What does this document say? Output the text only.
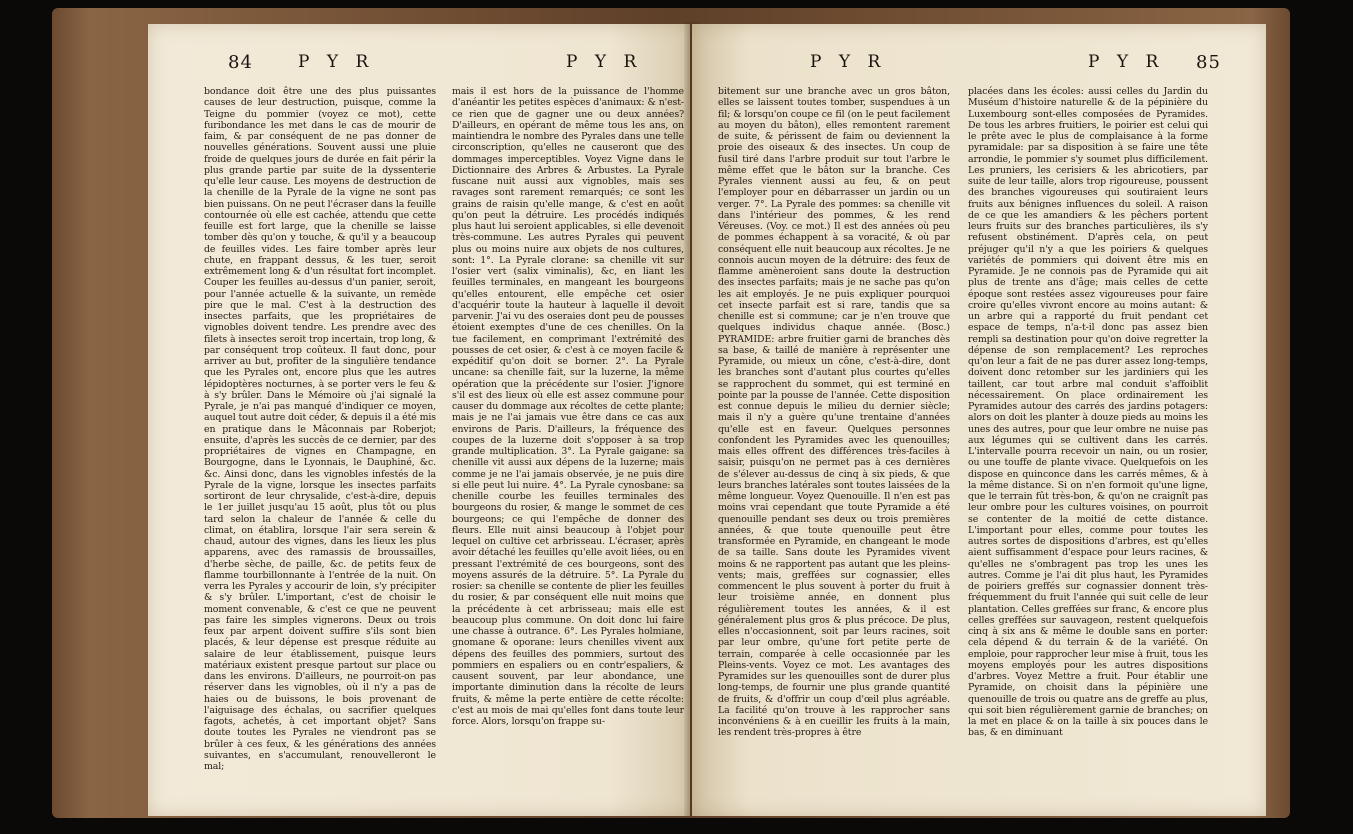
84	P Y R	P Y R
bondance doit être une des plus puissantes causes de leur destruction, puisque, comme la Teigne du pommier (voyez ce mot), cette furibondance les met dans le cas de mourir de faim, & par conséquent de ne pas donner de nouvelles générations. Souvent aussi une pluie froide de quelques jours de durée en fait périr la plus grande partie par suite de la dyssenterie qu'elle leur cause. Les moyens de destruction de la chenille de la Pyrale de la vigne ne sont pas bien puissans. On ne peut l'écraser dans la feuille contournée où elle est cachée, attendu que cette feuille est fort large, que la chenille se laisse tomber dès qu'on y touche, & qu'il y a beaucoup de feuilles vides. Les faire tomber après leur chute, en frappant dessus, & les tuer, seroit extrêmement long & d'un résultat fort incomplet. Couper les feuilles au-dessus d'un panier, seroit, pour l'année actuelle & la suivante, un remède pire que le mal. C'est à la destruction des insectes parfaits, que les propriétaires de vignobles doivent tendre. Les prendre avec des filets à insectes seroit trop incertain, trop long, & par conséquent trop coûteux. Il faut donc, pour arriver au but, profiter de la singulière tendance que les Pyrales ont, encore plus que les autres lépidoptères nocturnes, à se porter vers le feu & à s'y brûler. Dans le Mémoire où j'ai signalé la Pyrale, je n'ai pas manqué d'indiquer ce moyen, auquel tout autre doit céder, & depuis il a été mis en pratique dans le Mâconnais par Roberjot; ensuite, d'après les succès de ce dernier, par des propriétaires de vignes en Champagne, en Bourgogne, dans le Lyonnais, le Dauphiné, &c. &c. Ainsi donc, dans les vignobles infestés de la Pyrale de la vigne, lorsque les insectes parfaits sortiront de leur chrysalide, c'est-à-dire, depuis le 1er juillet jusqu'au 15 août, plus tôt ou plus tard selon la chaleur de l'année & celle du climat, on établira, lorsque l'air sera serein & chaud, autour des vignes, dans les lieux les plus apparens, avec des ramassis de broussailles, d'herbe sèche, de paille, &c. de petits feux de flamme tourbillonnante à l'entrée de la nuit. On verra les Pyrales y accourir de loin, s'y précipiter & s'y brûler. L'important, c'est de choisir le moment convenable, & c'est ce que ne peuvent pas faire les simples vignerons. Deux ou trois feux par arpent doivent suffire s'ils sont bien placés, & leur dépense est presque réduite au salaire de leur établissement, puisque leurs matériaux existent presque partout sur place ou dans les environs. D'ailleurs, ne pourroit-on pas réserver dans les vignobles, où il n'y a pas de haies ou de buissons, le bois provenant de l'aiguisage des échalas, ou sacrifier quelques fagots, achetés, à cet important objet? Sans doute toutes les Pyrales ne viendront pas se brûler à ces feux, & les générations des années suivantes, en s'accumulant, renouvelleront le mal;
mais il est hors de la puissance de l'homme d'anéantir les petites espèces d'animaux: & n'est-ce rien que de gagner une ou deux années? D'ailleurs, en opérant de même tous les ans, on maintiendra le nombre des Pyrales dans une telle circonscription, qu'elles ne causeront que des dommages imperceptibles. Voyez Vigne dans le Dictionnaire des Arbres & Arbustes. La Pyrale fuscane nuit aussi aux vignobles, mais ses ravages sont rarement remarqués; ce sont les grains de raisin qu'elle mange, & c'est en août qu'on peut la détruire. Les procédés indiqués plus haut lui seroient applicables, si elle devenoit très-commune. Les autres Pyrales qui peuvent plus ou moins nuire aux objets de nos cultures, sont: 1°. La Pyrale clorane: sa chenille vit sur l'osier vert (salix viminalis), &c, en liant les feuilles terminales, en mangeant les bourgeons qu'elles entourent, elle empêche cet osier d'acquérir toute la hauteur à laquelle il devoit parvenir. J'ai vu des oseraies dont peu de pousses étoient exemptes d'une de ces chenilles. On la tue facilement, en comprimant l'extrémité des pousses de cet osier, & c'est à ce moyen facile & expéditif qu'on doit se borner. 2°. La Pyrale uncane: sa chenille fait, sur la luzerne, la même opération que la précédente sur l'osier. J'ignore s'il est des lieux où elle est assez commune pour causer du dommage aux récoltes de cette plante; mais je ne l'ai jamais vue être dans ce cas aux environs de Paris. D'ailleurs, la fréquence des coupes de la luzerne doit s'opposer à sa trop grande multiplication. 3°. La Pyrale gaigane: sa chenille vit aussi aux dépens de la luzerne; mais comme je ne l'ai jamais observée, je ne puis dire si elle peut lui nuire. 4°. La Pyrale cynosbane: sa chenille courbe les feuilles terminales des bourgeons du rosier, & mange le sommet de ces bourgeons; ce qui l'empêche de donner des fleurs. Elle nuit ainsi beaucoup à l'objet pour lequel on cultive cet arbrisseau. L'écraser, après avoir détaché les feuilles qu'elle avoit liées, ou en pressant l'extrémité de ces bourgeons, sont des moyens assurés de la détruire. 5°. La Pyrale du rosier: sa chenille se contente de plier les feuilles du rosier, & par conséquent elle nuit moins que la précédente à cet arbrisseau; mais elle est beaucoup plus commune. On doit donc lui faire une chasse à outrance. 6°. Les Pyrales holmiane, gnomane & oporane: leurs chenilles vivent aux dépens des feuilles des pommiers, surtout des pommiers en espaliers ou en contr'espaliers, & causent souvent, par leur abondance, une importante diminution dans la récolte de leurs fruits, & même la perte entière de cette récolte: c'est au mois de mai qu'elles font dans toute leur force. Alors, lorsqu'on frappe su-
P Y R	P Y R 85
bitement sur une branche avec un gros bâton, elles se laissent toutes tomber, suspendues à un fil; & lorsqu'on coupe ce fil (on le peut facilement au moyen du bâton), elles remontent rarement de suite, & périssent de faim ou deviennent la proie des oiseaux & des insectes. Un coup de fusil tiré dans l'arbre produit sur tout l'arbre le même effet que le bâton sur la branche. Ces Pyrales viennent aussi au feu, & on peut l'employer pour en débarrasser un jardin ou un verger. 7°. La Pyrale des pommes: sa chenille vit dans l'intérieur des pommes, & les rend Véreuses. (Voy. ce mot.) Il est des années où peu de pommes échappent à sa voracité, & où par conséquent elle nuit beaucoup aux récoltes. Je ne connois aucun moyen de la détruire: des feux de flamme amèneroient sans doute la destruction des insectes parfaits; mais je ne sache pas qu'on les ait employés. Je ne puis expliquer pourquoi cet insecte parfait est si rare, tandis que sa chenille est si commune; car je n'en trouve que quelques individus chaque année. (Bosc.) PYRAMIDE: arbre fruitier garni de branches dès sa base, & taillé de manière à représenter une Pyramide, ou mieux un cône, c'est-à-dire, dont les branches sont d'autant plus courtes qu'elles se rapprochent du sommet, qui est terminé en pointe par la pousse de l'année. Cette disposition est connue depuis le milieu du dernier siècle; mais il n'y a guère qu'une trentaine d'années qu'elle est en faveur. Quelques personnes confondent les Pyramides avec les quenouilles; mais elles offrent des différences très-faciles à saisir, puisqu'on ne permet pas à ces dernières de s'élever au-dessus de cinq à six pieds, & que leurs branches latérales sont toutes laissées de la même longueur. Voyez Quenouille. Il n'en est pas moins vrai cependant que toute Pyramide a été quenouille pendant ses deux ou trois premières années, & que toute quenouille peut être transformée en Pyramide, en changeant le mode de sa taille. Sans doute les Pyramides vivent moins & ne rapportent pas autant que les pleins-vents; mais, greffées sur cognassier, elles commencent le plus souvent à porter du fruit à leur troisième année, en donnent plus régulièrement toutes les années, & il est généralement plus gros & plus précoce. De plus, elles n'occasionnent, soit par leurs racines, soit par leur ombre, qu'une fort petite perte de terrain, comparée à celle occasionnée par les Pleins-vents. Voyez ce mot. Les avantages des Pyramides sur les quenouilles sont de durer plus long-temps, de fournir une plus grande quantité de fruits, & d'offrir un coup d'œil plus agréable. La facilité qu'on trouve à les rapprocher sans inconvéniens & à en cueillir les fruits à la main, les rendent très-propres à être
placées dans les écoles: aussi celles du Jardin du Muséum d'histoire naturelle & de la pépinière du Luxembourg sont-elles composées de Pyramides. De tous les arbres fruitiers, le poirier est celui qui le prête avec le plus de complaisance à la forme pyramidale: par sa disposition à se faire une tête arrondie, le pommier s'y soumet plus difficilement. Les pruniers, les cerisiers & les abricotiers, par suite de leur taille, alors trop rigoureuse, poussent des branches vigoureuses qui soutiraient leurs fruits aux bénignes influences du soleil. A raison de ce que les amandiers & les pêchers portent leurs fruits sur des branches particulières, ils s'y refusent obstinément. D'après cela, on peut préjuger qu'il n'y a que les poiriers & quelques variétés de pommiers qui doivent être mis en Pyramide. Je ne connois pas de Pyramide qui ait plus de trente ans d'âge; mais celles de cette époque sont restées assez vigoureuses pour faire croire qu'elles vivront encore au moins autant: & un arbre qui a rapporté du fruit pendant cet espace de temps, n'a-t-il donc pas assez bien rempli sa destination pour qu'on doive regretter la dépense de son remplacement? Les reproches qu'on leur a fait de ne pas durer assez long-temps, doivent donc retomber sur les jardiniers qui les taillent, car tout arbre mal conduit s'affoiblit nécessairement. On place ordinairement les Pyramides autour des carrés des jardins potagers: alors on doit les planter à douze pieds au moins les unes des autres, pour que leur ombre ne nuise pas aux légumes qui se cultivent dans les carrés. L'intervalle pourra recevoir un nain, ou un rosier, ou une touffe de plante vivace. Quelquefois on les dispose en quinconce dans les carrés mêmes, & à la même distance. Si on n'en formoit qu'une ligne, que le terrain fût très-bon, & qu'on ne craignît pas leur ombre pour les cultures voisines, on pourroit se contenter de la moitié de cette distance. L'important pour elles, comme pour toutes les autres sortes de dispositions d'arbres, est qu'elles aient suffisamment d'espace pour leurs racines, & qu'elles ne s'ombragent pas trop les unes les autres. Comme je l'ai dit plus haut, les Pyramides de poiriers greffés sur cognassier donnent très-fréquemment du fruit l'année qui suit celle de leur plantation. Celles greffées sur franc, & encore plus celles greffées sur sauvageon, restent quelquefois cinq à six ans & même le double sans en porter: cela dépend & du terrain & de la variété. On emploie, pour rapprocher leur mise à fruit, tous les moyens employés pour les autres dispositions d'arbres. Voyez Mettre a fruit. Pour établir une Pyramide, on choisit dans la pépinière une quenouille de trois ou quatre ans de greffe au plus, qui soit bien régulièrement garnie de branches; on la met en place & on la taille à six pouces dans le bas, & en diminuant
